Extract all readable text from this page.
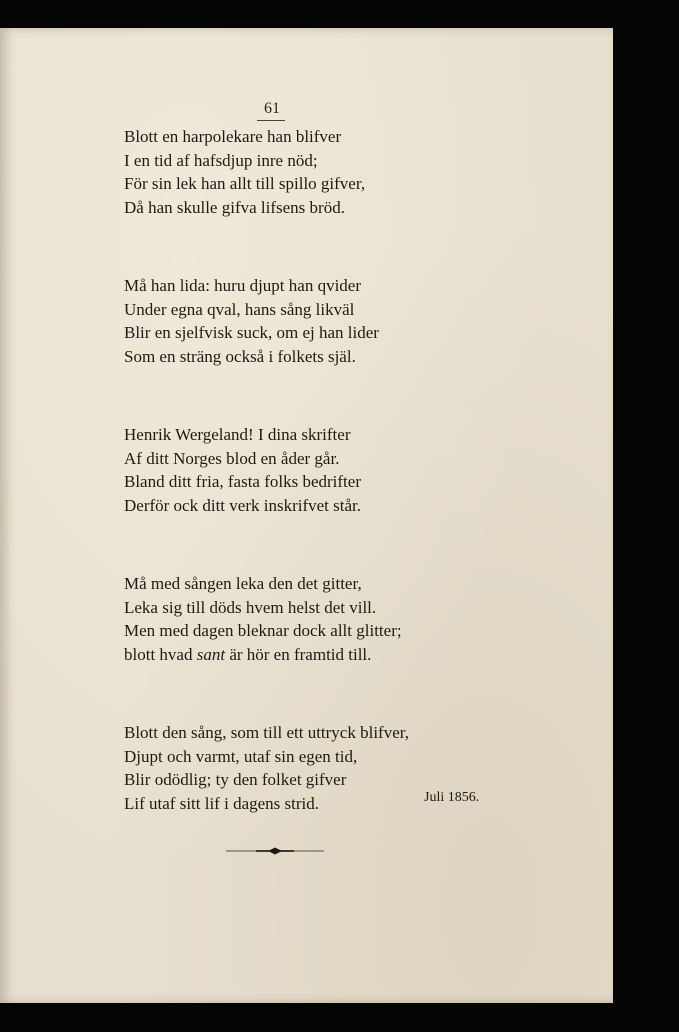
61
Blott en harpolekare han blifver
I en tid af hafsdjup inre nöd;
För sin lek han allt till spillo gifver,
Då han skulle gifva lifsens bröd.
Må han lida: huru djupt han qvider
Under egna qval, hans sång likväl
Blir en sjelfvisk suck, om ej han lider
Som en sträng också i folkets själ.
Henrik Wergeland! I dina skrifter
Af ditt Norges blod en åder går.
Bland ditt fria, fasta folks bedrifter
Derför ock ditt verk inskrifvet står.
Må med sången leka den det gitter,
Leka sig till döds hvem helst det vill.
Men med dagen bleknar dock allt glitter;
blott hvad sant är hör en framtid till.
Blott den sång, som till ett uttryck blifver,
Djupt och varmt, utaf sin egen tid,
Blir odödlig; ty den folket gifver
Lif utaf sitt lif i dagens strid.	Juli 1856.
